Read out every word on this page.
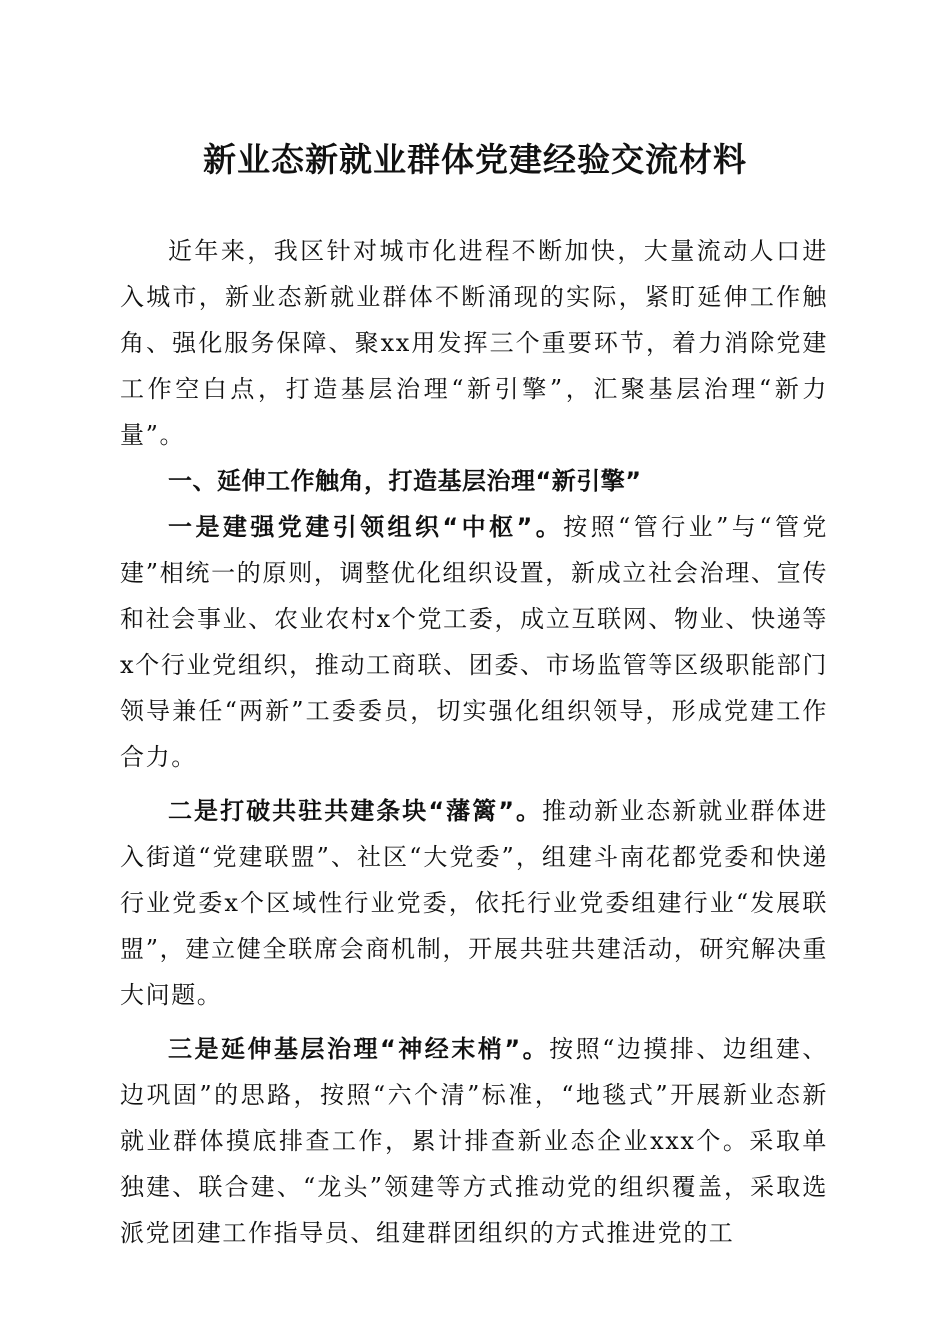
新业态新就业群体党建经验交流材料

近年来，我区针对城市化进程不断加快，大量流动人口进入城市，新业态新就业群体不断涌现的实际，紧盯延伸工作触角、强化服务保障、聚xx用发挥三个重要环节，着力消除党建工作空白点，打造基层治理“新引擎”，汇聚基层治理“新力量”。

一、延伸工作触角，打造基层治理“新引擎”

一是建强党建引领组织“中枢”。按照“管行业”与“管党建”相统一的原则，调整优化组织设置，新成立社会治理、宣传和社会事业、农业农村x个党工委，成立互联网、物业、快递等x个行业党组织，推动工商联、团委、市场监管等区级职能部门领导兼任“两新”工委委员，切实强化组织领导，形成党建工作合力。

二是打破共驻共建条块“藩篱”。推动新业态新就业群体进入街道“党建联盟”、社区“大党委”，组建斗南花都党委和快递行业党委x个区域性行业党委，依托行业党委组建行业“发展联盟”，建立健全联席会商机制，开展共驻共建活动，研究解决重大问题。

三是延伸基层治理“神经末梢”。按照“边摸排、边组建、边巩固”的思路，按照“六个清”标准，“地毯式”开展新业态新就业群体摸底排查工作，累计排查新业态企业xxx个。采取单独建、联合建、“龙头”领建等方式推动党的组织覆盖，采取选派党团建工作指导员、组建群团组织的方式推进党的工
